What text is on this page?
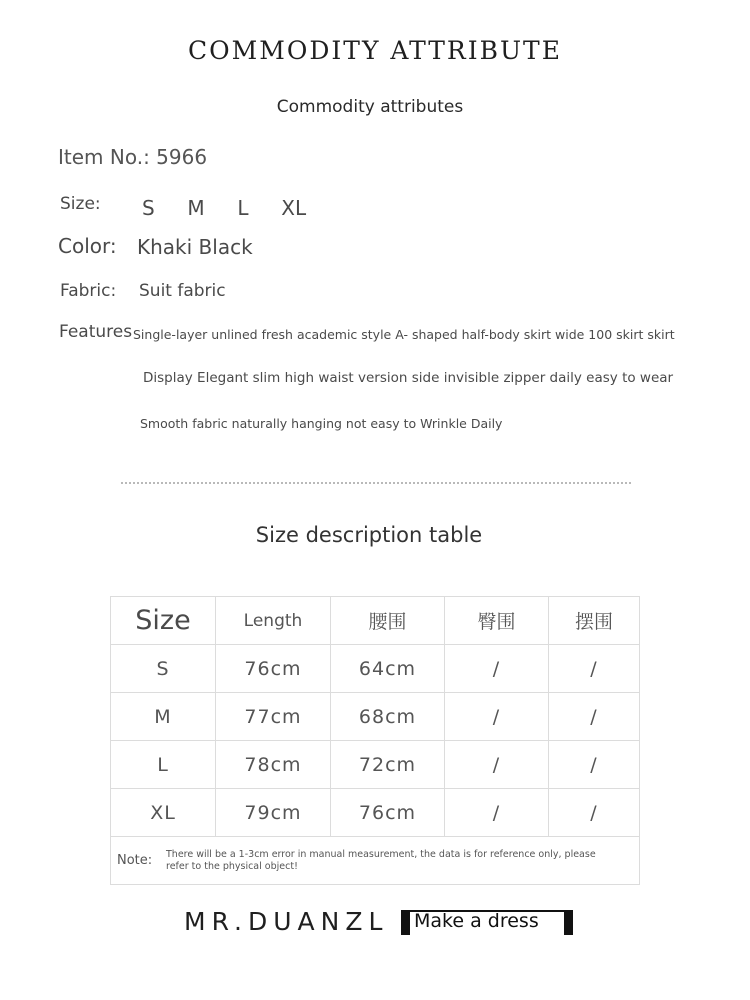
COMMODITY ATTRIBUTE
Commodity attributes
Item No.: 5966
Size: S  M  L  XL
Color: Khaki Black
Fabric: Suit fabric
Features Single-layer unlined fresh academic style A- shaped half-body skirt wide 100 skirt skirt
Display Elegant slim high waist version side invisible zipper daily easy to wear
Smooth fabric naturally hanging not easy to Wrinkle Daily
Size description table
Size	Length	腰围	臀围	摆围
S	76cm	64cm	/	/
M	77cm	68cm	/	/
L	78cm	72cm	/	/
XL	79cm	76cm	/	/

Note: There will be a 1-3cm error in manual measurement, the data is for reference only, please refer to the physical object!				
MR.DUANZL Make a dress
